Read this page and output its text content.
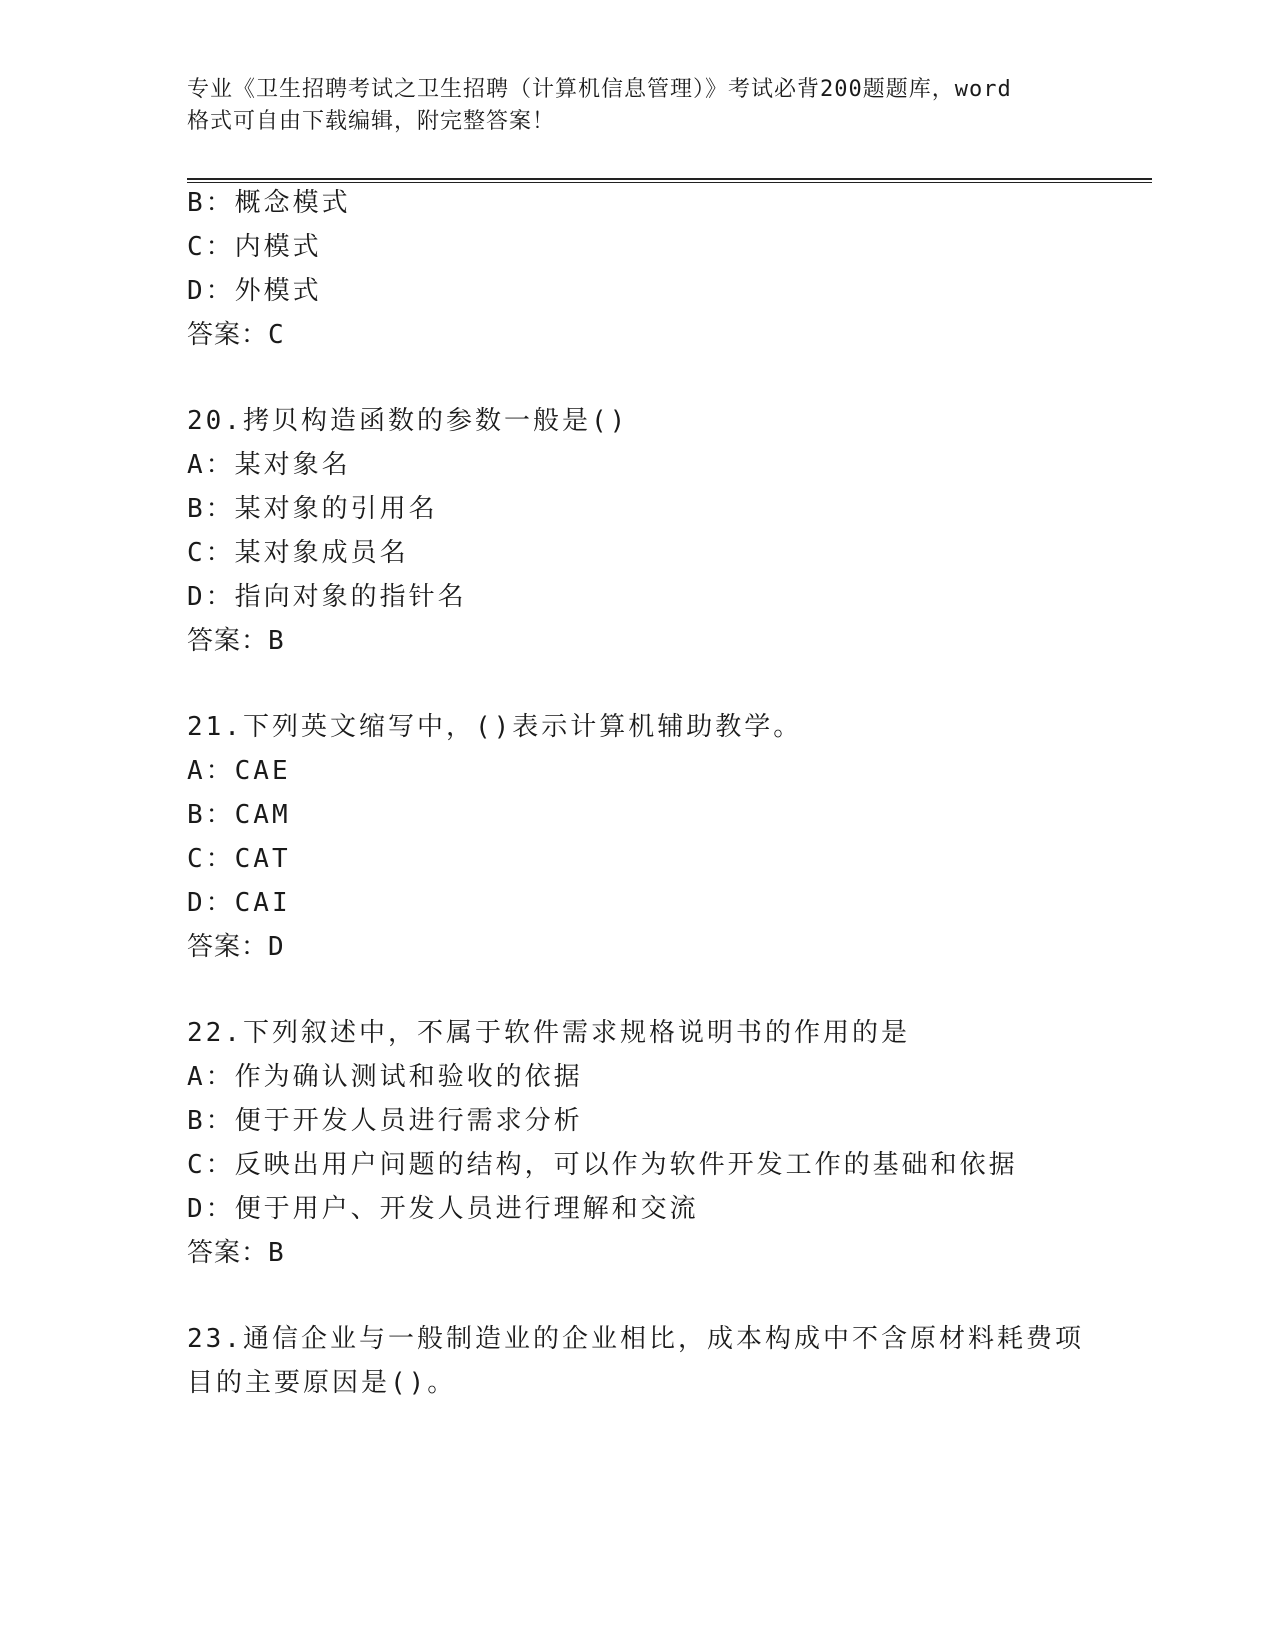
专业《卫生招聘考试之卫生招聘（计算机信息管理）》考试必背200题题库，word
格式可自由下载编辑，附完整答案！
B：概念模式
C：内模式
D：外模式
答案：C
20.拷贝构造函数的参数一般是()
A：某对象名
B：某对象的引用名
C：某对象成员名
D：指向对象的指针名
答案：B
21.下列英文缩写中，()表示计算机辅助教学。
A：CAE
B：CAM
C：CAT
D：CAI
答案：D
22.下列叙述中，不属于软件需求规格说明书的作用的是
A：作为确认测试和验收的依据
B：便于开发人员进行需求分析
C：反映出用户问题的结构，可以作为软件开发工作的基础和依据
D：便于用户、开发人员进行理解和交流
答案：B
23.通信企业与一般制造业的企业相比，成本构成中不含原材料耗费项
目的主要原因是()。
